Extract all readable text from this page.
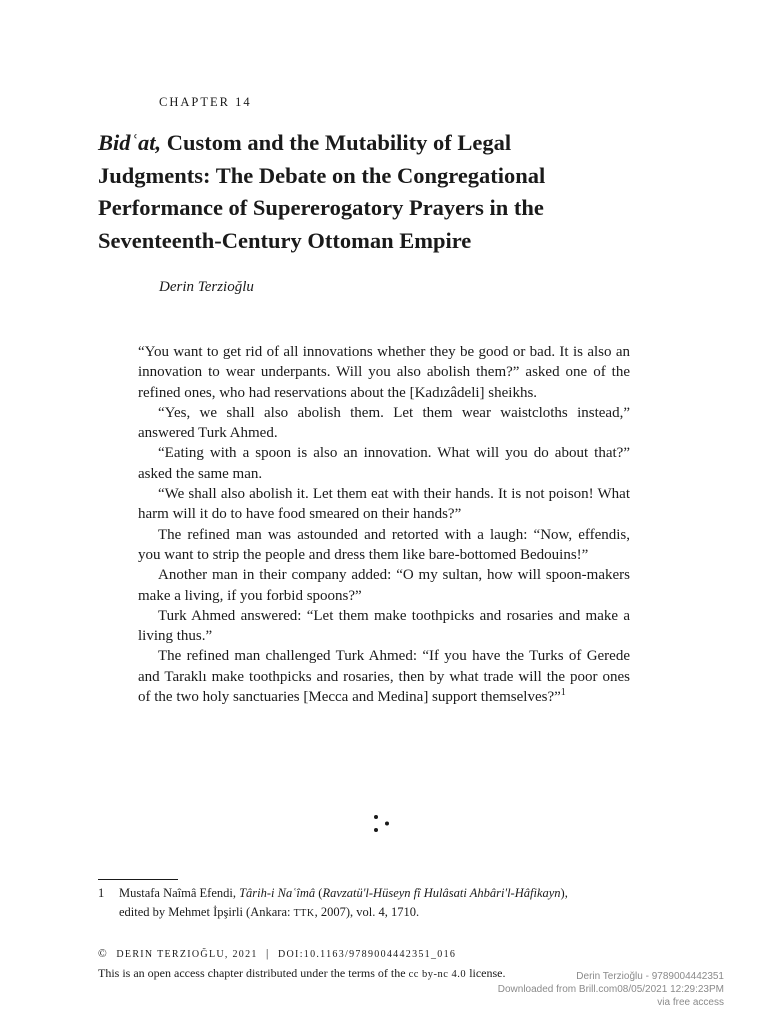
CHAPTER 14
Bidʿat, Custom and the Mutability of Legal
Judgments: The Debate on the Congregational
Performance of Supererogatory Prayers in the
Seventeenth-Century Ottoman Empire
Derin Terzioğlu

“You want to get rid of all innovations whether they be good or bad. It is also an innovation to wear underpants. Will you also abolish them?” asked one of the refined ones, who had reservations about the [Kadızâdeli] sheikhs.

“Yes, we shall also abolish them. Let them wear waistcloths instead,” answered Turk Ahmed.

“Eating with a spoon is also an innovation. What will you do about that?” asked the same man.

“We shall also abolish it. Let them eat with their hands. It is not poison! What harm will it do to have food smeared on their hands?”

The refined man was astounded and retorted with a laugh: “Now, effendis, you want to strip the people and dress them like bare-bottomed Bedouins!”

Another man in their company added: “O my sultan, how will spoon-makers make a living, if you forbid spoons?”

Turk Ahmed answered: “Let them make toothpicks and rosaries and make a living thus.”

The refined man challenged Turk Ahmed: “If you have the Turks of Gerede and Taraklı make toothpicks and rosaries, then by what trade will the poor ones of the two holy sanctuaries [Mecca and Medina] support themselves?”$^1$

1 Mustafa Naîmâ Efendi, Târih-i Naʿîmâ (Ravzatü'l-Hüseyn fî Hulâsati Ahbâri'l-Hâfikayn),
edited by Mehmet İpşirli (Ankara: TTK, 2007), vol. 4, 1710.
© DERIN TERZIOĞLU, 2021 | DOI:10.1163/9789004442351_016
This is an open access chapter distributed under the terms of the cc by-nc 4.0 license.	Derin Terzioğlu - 9789004442351
Downloaded from Brill.com08/05/2021 12:29:23PM
via free access
